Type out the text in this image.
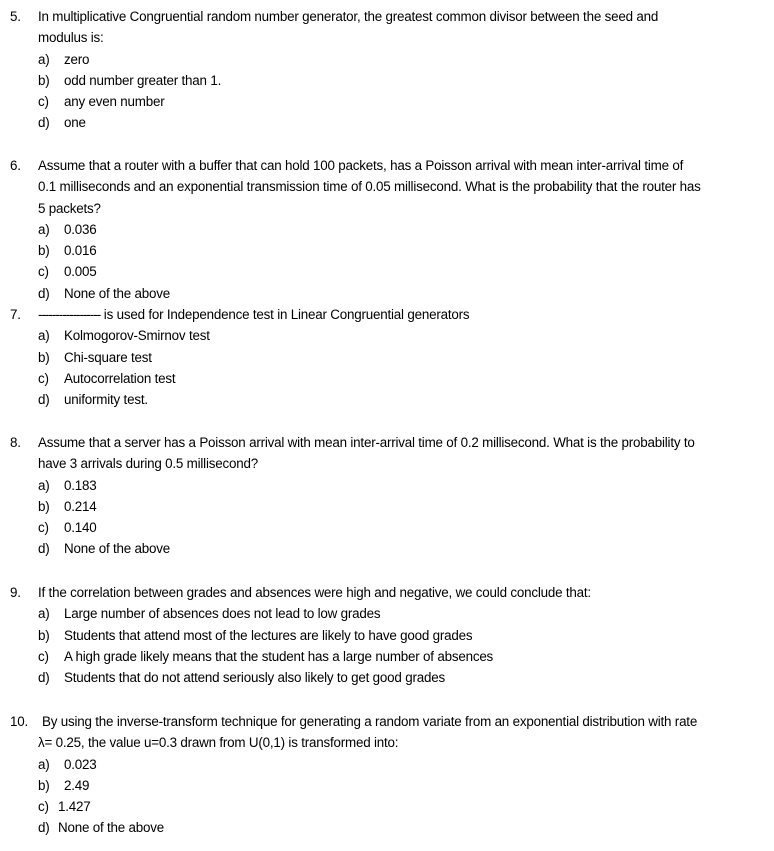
5. In multiplicative Congruential random number generator, the greatest common divisor between the seed and
modulus is:
a) zero
b) odd number greater than 1.
c) any even number
d) one
6. Assume that a router with a buffer that can hold 100 packets, has a Poisson arrival with mean inter-arrival time of
0.1 milliseconds and an exponential transmission time of 0.05 millisecond. What is the probability that the router has
5 packets?
a) 0.036
b) 0.016
c) 0.005
d) None of the above
7. ------------------ is used for Independence test in Linear Congruential generators
a) Kolmogorov-Smirnov test
b) Chi-square test
c) Autocorrelation test
d) uniformity test.
8. Assume that a server has a Poisson arrival with mean inter-arrival time of 0.2 millisecond. What is the probability to
have 3 arrivals during 0.5 millisecond?
a) 0.183
b) 0.214
c) 0.140
d) None of the above
9. If the correlation between grades and absences were high and negative, we could conclude that:
a) Large number of absences does not lead to low grades
b) Students that attend most of the lectures are likely to have good grades
c) A high grade likely means that the student has a large number of absences
d) Students that do not attend seriously also likely to get good grades
10. By using the inverse-transform technique for generating a random variate from an exponential distribution with rate
λ= 0.25, the value u=0.3 drawn from U(0,1) is transformed into:
a) 0.023
b) 2.49
c) 1.427
d) None of the above
